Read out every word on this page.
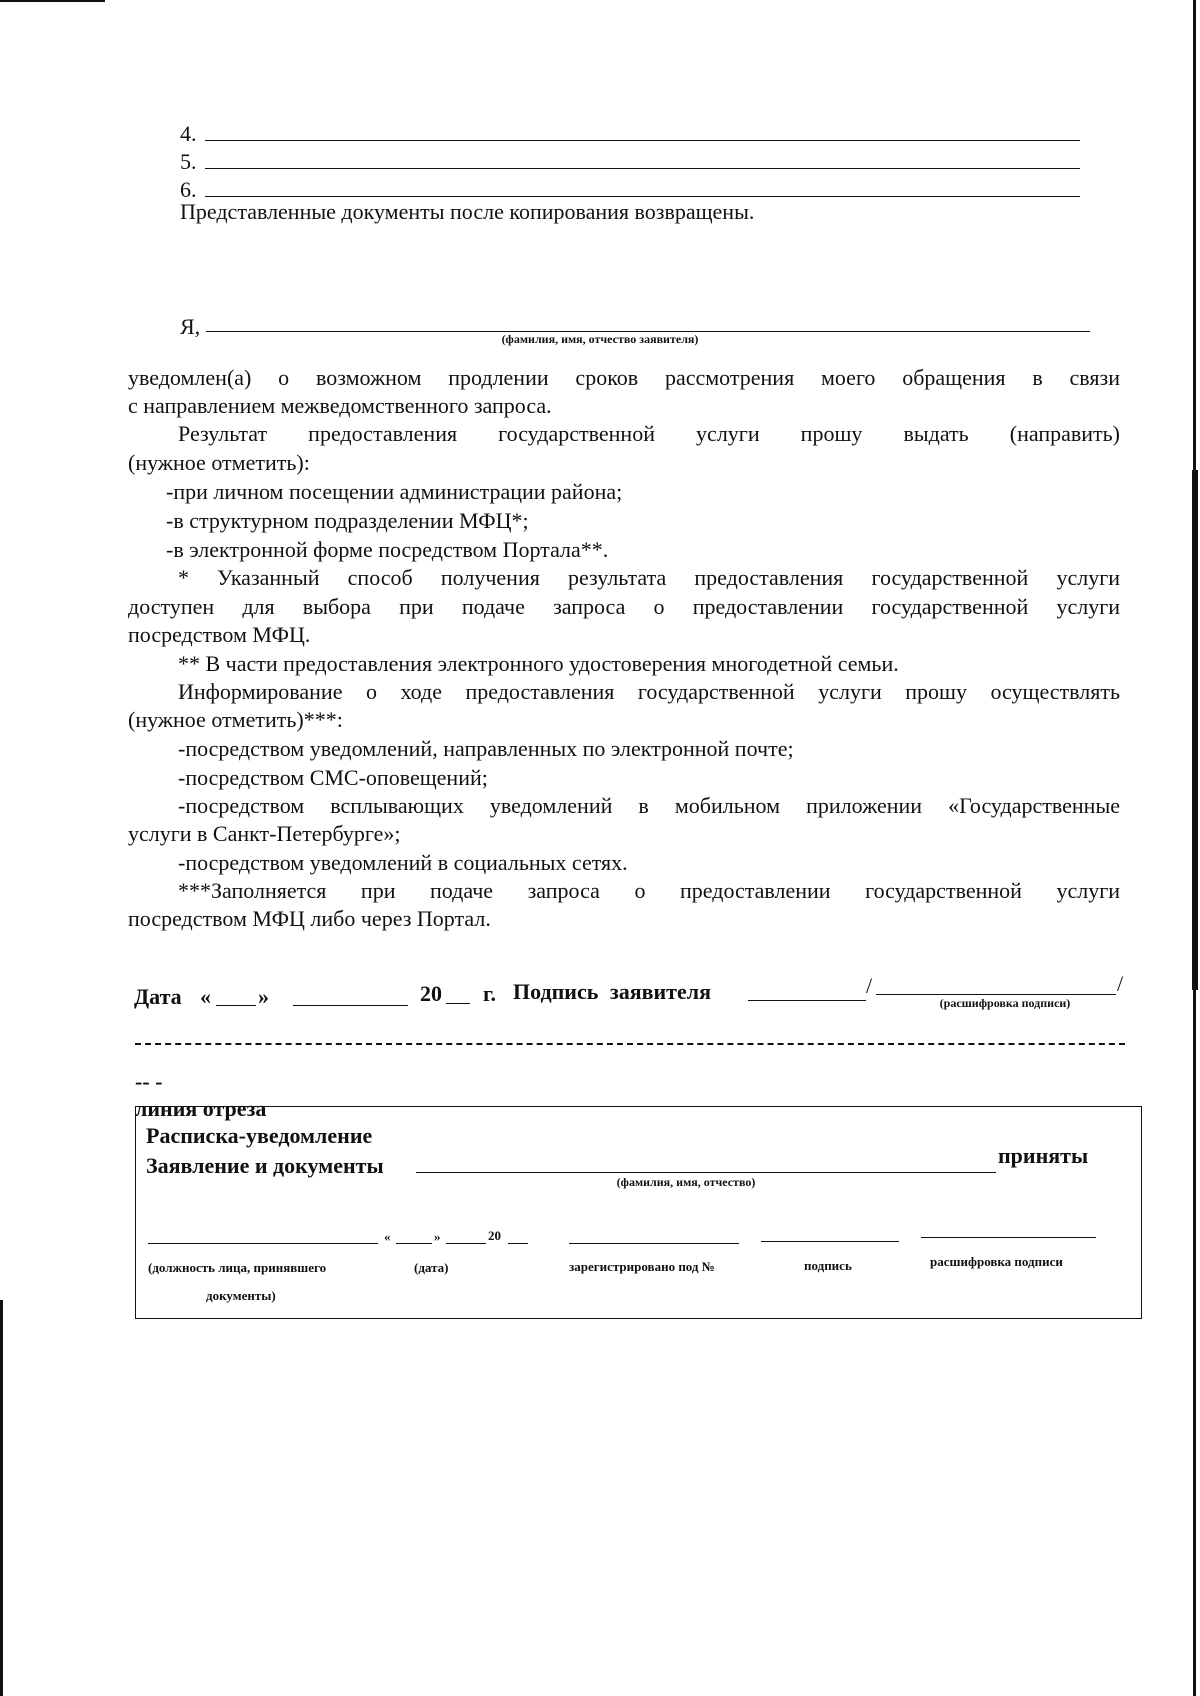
4.
5.
6.
Представленные документы после копирования возвращены.
Я,	(фамилия, имя, отчество заявителя)
уведомлен(а) о возможном продлении сроков рассмотрения моего обращения в связи
с направлением межведомственного запроса.
Результат предоставления государственной услуги прошу выдать (направить)
(нужное отметить):
-при личном посещении администрации района;
-в структурном подразделении МФЦ*;
-в электронной форме посредством Портала**.
* Указанный способ получения результата предоставления государственной услуги
доступен для выбора при подаче запроса о предоставлении государственной услуги
посредством МФЦ.
** В части предоставления электронного удостоверения многодетной семьи.
Информирование о ходе предоставления государственной услуги прошу осуществлять
(нужное отметить)***:
-посредством уведомлений, направленных по электронной почте;
-посредством СМС-оповещений;
-посредством всплывающих уведомлений в мобильном приложении «Государственные
услуги в Санкт-Петербурге»;
-посредством уведомлений в социальных сетях.
***Заполняется при подаче запроса о предоставлении государственной услуги
посредством МФЦ либо через Портал.
Дата « »	20 г. Подпись заявителя	/	/
(расшифровка подписи)
-- -
линия отреза
Расписка-уведомление
Заявление и документы	приняты
(фамилия, имя, отчество)
«	»	20
(должность лица, принявшего
документы)
(дата)	зарегистрировано под №	подпись	расшифровка подписи
